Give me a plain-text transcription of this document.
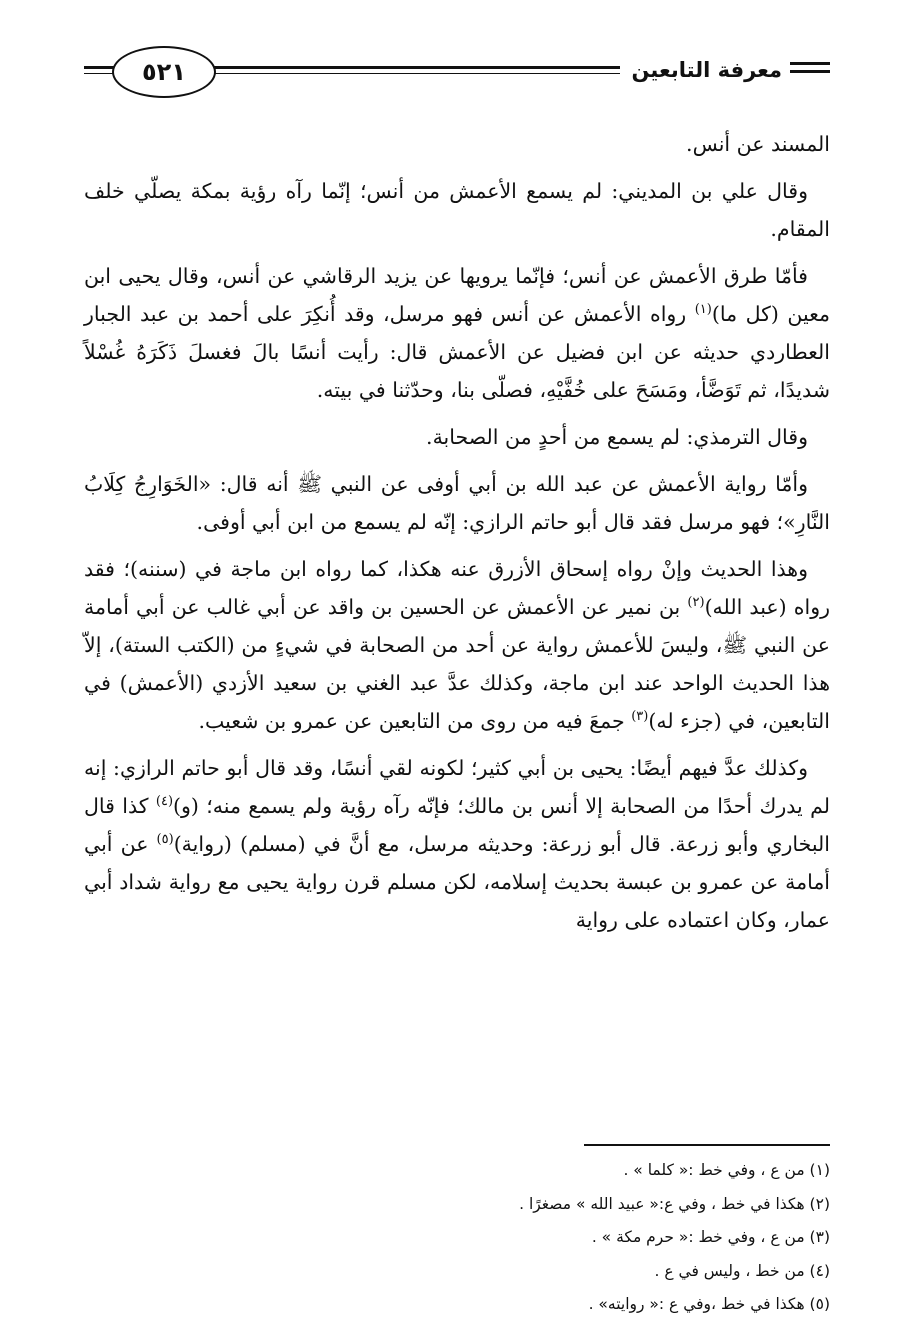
معرفة التابعين
٥٢١

المسند عن أنس.

وقال علي بن المديني: لم يسمع الأعمش من أنس؛ إنّما رآه رؤية بمكة يصلّي خلف المقام.

فأمّا طرق الأعمش عن أنس؛ فإنّما يرويها عن يزيد الرقاشي عن أنس، وقال يحيى ابن معين (كل ما)$^{(١)}$ رواه الأعمش عن أنس فهو مرسل، وقد أُنكِرَ على أحمد بن عبد الجبار العطاردي حديثه عن ابن فضيل عن الأعمش قال: رأيت أنسًا بالَ فغسلَ ذَكَرَهُ غُسْلاً شديدًا، ثم تَوَضَّأ، ومَسَحَ على خُفَّيْهِ، فصلّى بنا، وحدّثنا في بيته.

وقال الترمذي: لم يسمع من أحدٍ من الصحابة.

وأمّا رواية الأعمش عن عبد الله بن أبي أوفى عن النبي ﷺ أنه قال: «الخَوَارِجُ كِلَابُ النَّارِ»؛ فهو مرسل فقد قال أبو حاتم الرازي: إنّه لم يسمع من ابن أبي أوفى.

وهذا الحديث وإنْ رواه إسحاق الأزرق عنه هكذا، كما رواه ابن ماجة في (سننه)؛ فقد رواه (عبد الله)$^{(٢)}$ بن نمير عن الأعمش عن الحسين بن واقد عن أبي غالب عن أبي أمامة عن النبي ﷺ، وليسَ للأعمش رواية عن أحد من الصحابة في شيءٍ من (الكتب الستة)، إلاّ هذا الحديث الواحد عند ابن ماجة، وكذلك عدَّ عبد الغني بن سعيد الأزدي (الأعمش) في التابعين، في (جزء له)$^{(٣)}$ جمعَ فيه من روى من التابعين عن عمرو بن شعيب.

وكذلك عدَّ فيهم أيضًا: يحيى بن أبي كثير؛ لكونه لقي أنسًا، وقد قال أبو حاتم الرازي: إنه لم يدرك أحدًا من الصحابة إلا أنس بن مالك؛ فإنّه رآه رؤية ولم يسمع منه؛ (و)$^{(٤)}$ كذا قال البخاري وأبو زرعة. قال أبو زرعة: وحديثه مرسل، مع أنَّ في (مسلم) (رواية)$^{(٥)}$ عن أبي أمامة عن عمرو بن عبسة بحديث إسلامه، لكن مسلم قرن رواية يحيى مع رواية شداد أبي عمار، وكان اعتماده على رواية

(١) من ع ، وفي خط :« كلما » .
(٢) هكذا في خط ، وفي ع:« عبيد الله » مصغرًا .
(٣) من ع ، وفي خط :« حرم مكة » .
(٤) من خط ، وليس في ع .
(٥) هكذا في خط ،وفي ع :« روايته» .
